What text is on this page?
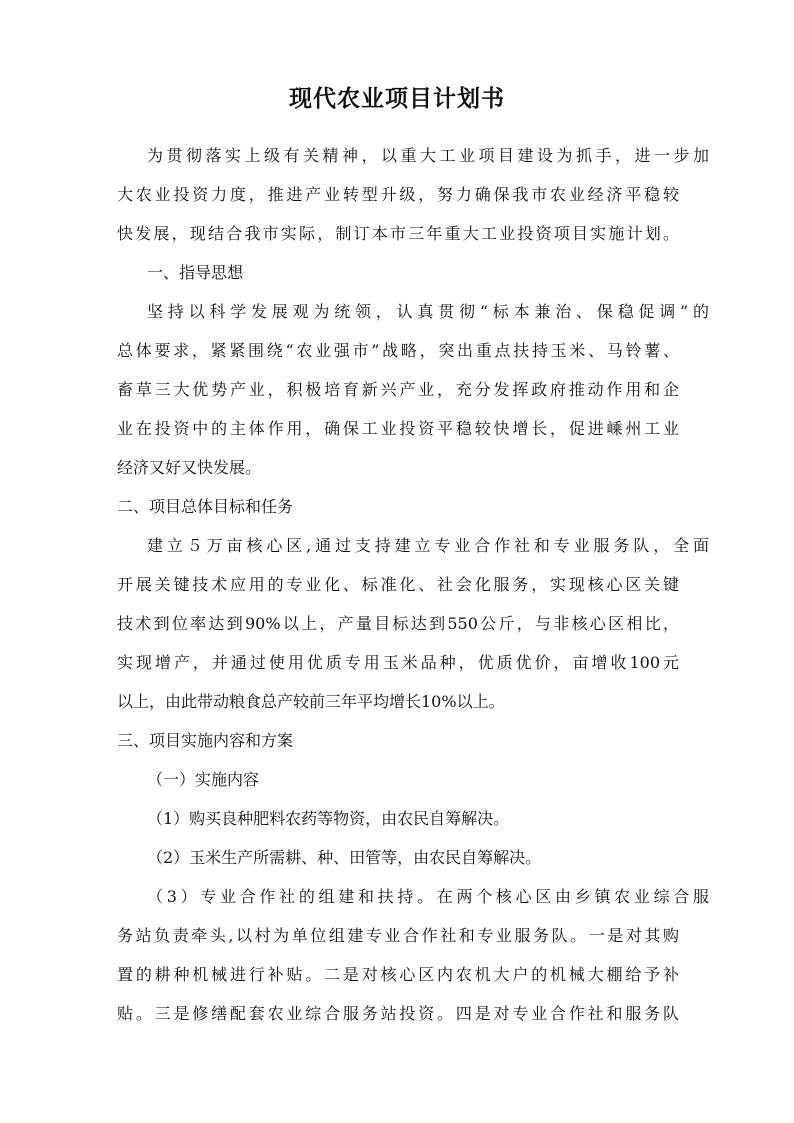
现代农业项目计划书
为贯彻落实上级有关精神，以重大工业项目建设为抓手，进一步加
大农业投资力度，推进产业转型升级，努力确保我市农业经济平稳较
快发展，现结合我市实际，制订本市三年重大工业投资项目实施计划。
一、指导思想
坚持以科学发展观为统领，认真贯彻“标本兼治、保稳促调”的
总体要求，紧紧围绕“农业强市”战略，突出重点扶持玉米、马铃薯、
畜草三大优势产业，积极培育新兴产业，充分发挥政府推动作用和企
业在投资中的主体作用，确保工业投资平稳较快增长，促进嵊州工业
经济又好又快发展。
二、项目总体目标和任务
建立５万亩核心区,通过支持建立专业合作社和专业服务队，全面
开展关键技术应用的专业化、标准化、社会化服务，实现核心区关键
技术到位率达到90%以上，产量目标达到550公斤，与非核心区相比，
实现增产，并通过使用优质专用玉米品种，优质优价，亩增收100元
以上，由此带动粮食总产较前三年平均增长10%以上。
三、项目实施内容和方案
（一）实施内容
（1）购买良种肥料农药等物资，由农民自筹解决。
（2）玉米生产所需耕、种、田管等，由农民自筹解决。
（3）专业合作社的组建和扶持。在两个核心区由乡镇农业综合服
务站负责牵头,以村为单位组建专业合作社和专业服务队。一是对其购
置的耕种机械进行补贴。二是对核心区内农机大户的机械大棚给予补
贴。三是修缮配套农业综合服务站投资。四是对专业合作社和服务队
